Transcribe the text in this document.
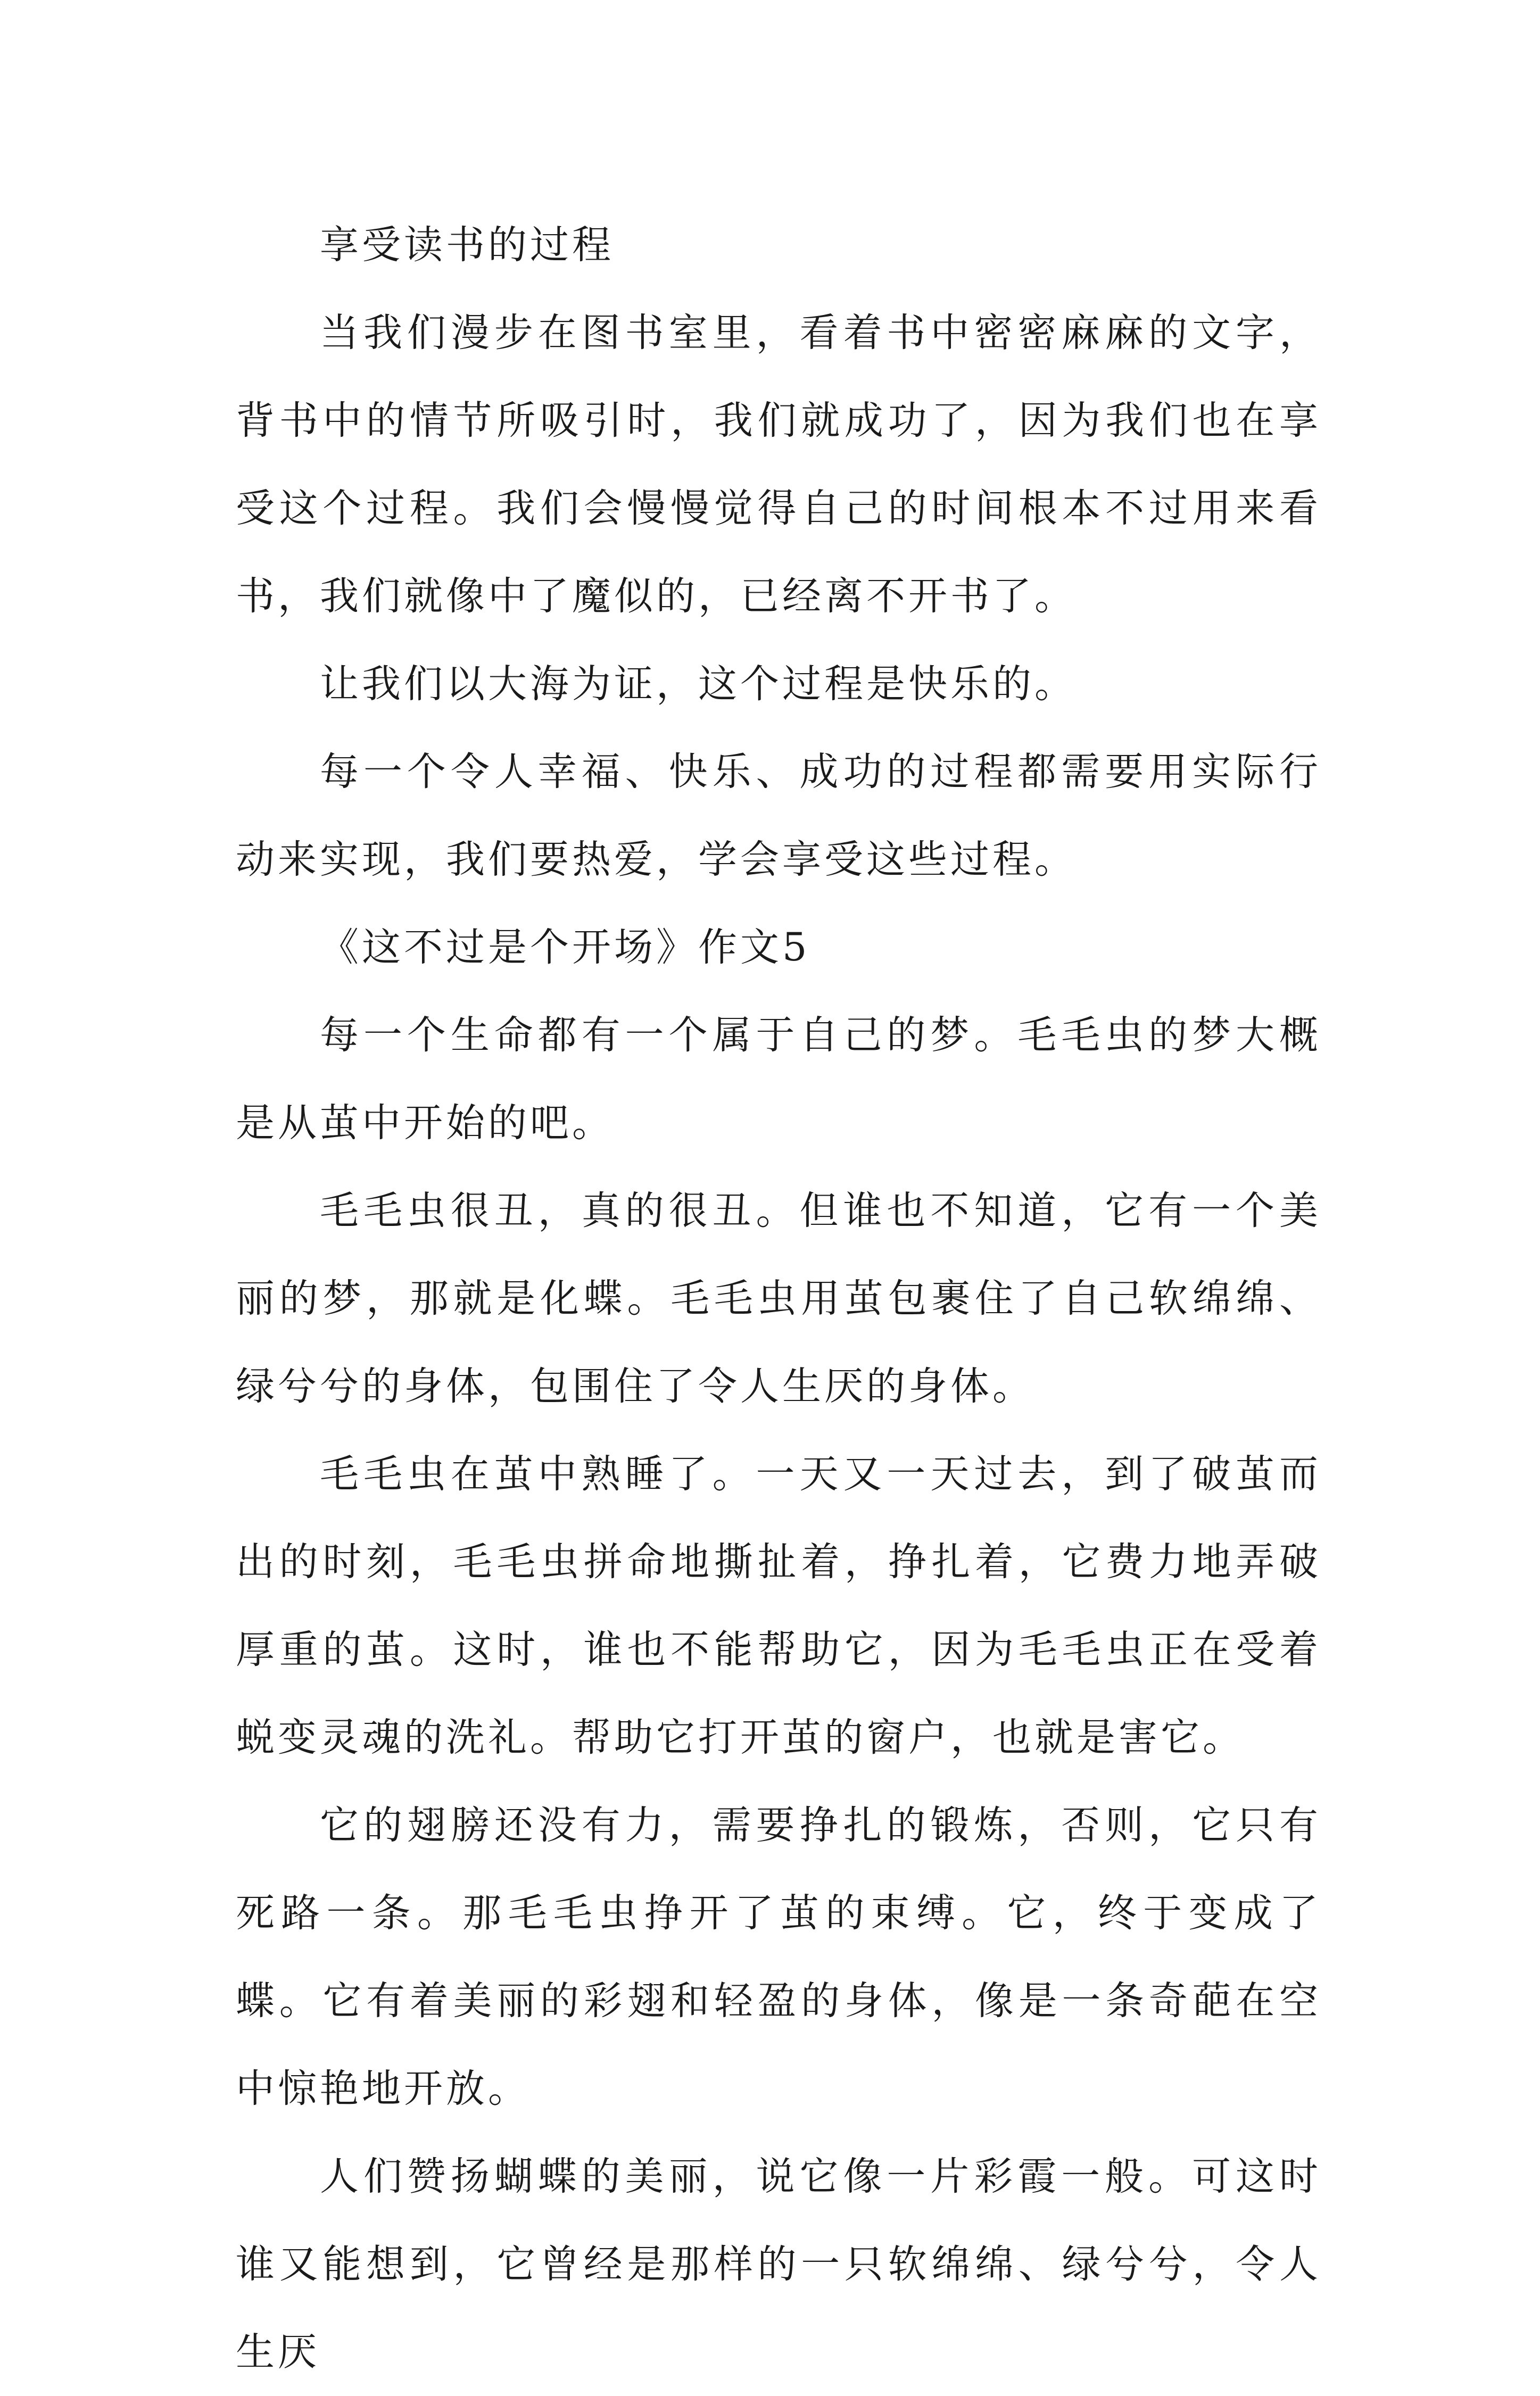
享受读书的过程

当我们漫步在图书室里，看着书中密密麻麻的文字，背书中的情节所吸引时，我们就成功了，因为我们也在享受这个过程。我们会慢慢觉得自己的时间根本不过用来看书，我们就像中了魔似的，已经离不开书了。

让我们以大海为证，这个过程是快乐的。

每一个令人幸福、快乐、成功的过程都需要用实际行动来实现，我们要热爱，学会享受这些过程。

《这不过是个开场》作文5

每一个生命都有一个属于自己的梦。毛毛虫的梦大概是从茧中开始的吧。

毛毛虫很丑，真的很丑。但谁也不知道，它有一个美丽的梦，那就是化蝶。毛毛虫用茧包裹住了自己软绵绵、绿兮兮的身体，包围住了令人生厌的身体。

毛毛虫在茧中熟睡了。一天又一天过去，到了破茧而出的时刻，毛毛虫拼命地撕扯着，挣扎着，它费力地弄破厚重的茧。这时，谁也不能帮助它，因为毛毛虫正在受着蜕变灵魂的洗礼。帮助它打开茧的窗户，也就是害它。

它的翅膀还没有力，需要挣扎的锻炼，否则，它只有死路一条。那毛毛虫挣开了茧的束缚。它，终于变成了蝶。它有着美丽的彩翅和轻盈的身体，像是一条奇葩在空中惊艳地开放。

人们赞扬蝴蝶的美丽，说它像一片彩霞一般。可这时谁又能想到，它曾经是那样的一只软绵绵、绿兮兮，令人生厌
